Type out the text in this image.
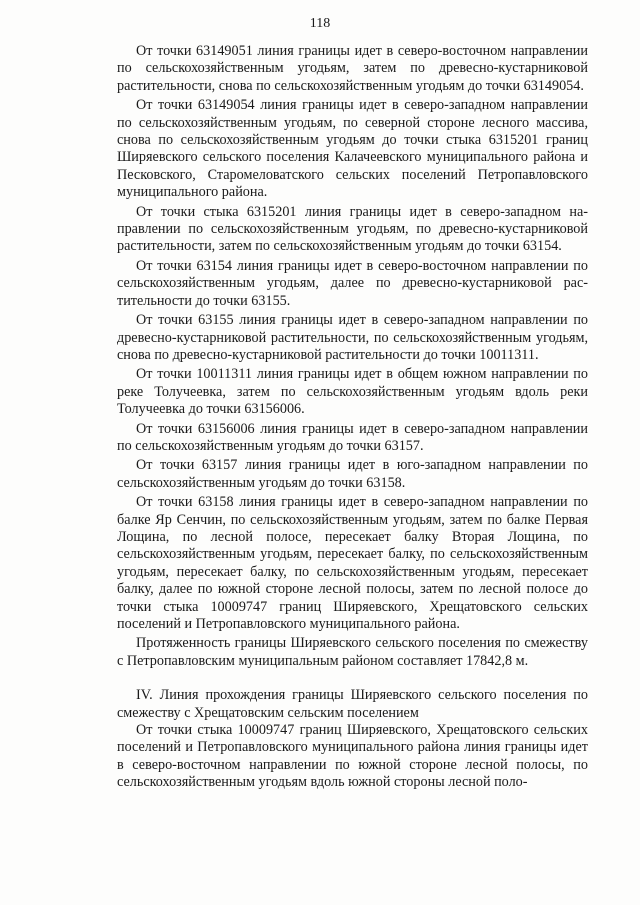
118

От точки 63149051 линия границы идет в северо-восточном направлении по сельскохозяйственным угодьям, затем по древесно-кустарниковой растительности, снова по сельскохозяйственным угодьям до точки 63149054.

От точки 63149054 линия границы идет в северо-западном направлении по сельскохозяйственным угодьям, по северной стороне лесного массива, снова по сельскохозяйственным угодьям до точки стыка 6315201 границ Ширяевского сельского поселения Калачеевского муниципального района и Песковского, Старомеловатского сельских поселений Петропавловского муниципального района.

От точки стыка 6315201 линия границы идет в северо-западном направлении по сельскохозяйственным угодьям, по древесно-кустарниковой растительности, затем по сельскохозяйственным угодьям до точки 63154.

От точки 63154 линия границы идет в северо-восточном направлении по сельскохозяйственным угодьям, далее по древесно-кустарниковой растительности до точки 63155.

От точки 63155 линия границы идет в северо-западном направлении по древесно-кустарниковой растительности, по сельскохозяйственным угодьям, снова по древесно-кустарниковой растительности до точки 10011311.

От точки 10011311 линия границы идет в общем южном направлении по реке Толучеевка, затем по сельскохозяйственным угодьям вдоль реки Толучеевка до точки 63156006.

От точки 63156006 линия границы идет в северо-западном направлении по сельскохозяйственным угодьям до точки 63157.

От точки 63157 линия границы идет в юго-западном направлении по сельскохозяйственным угодьям до точки 63158.

От точки 63158 линия границы идет в северо-западном направлении по балке Яр Сенчин, по сельскохозяйственным угодьям, затем по балке Первая Лощина, по лесной полосе, пересекает балку Вторая Лощина, по сельскохозяйственным угодьям, пересекает балку, по сельскохозяйственным угодьям, пересекает балку, по сельскохозяйственным угодьям, пересекает балку, далее по южной стороне лесной полосы, затем по лесной полосе до точки стыка 10009747 границ Ширяевского, Хрещатовского сельских поселений и Петропавловского муниципального района.

Протяженность границы Ширяевского сельского поселения по смежеству с Петропавловским муниципальным районом составляет 17842,8 м.

IV. Линия прохождения границы Ширяевского сельского поселения по смежеству с Хрещатовским сельским поселением

От точки стыка 10009747 границ Ширяевского, Хрещатовского сельских поселений и Петропавловского муниципального района линия границы идет в северо-восточном направлении по южной стороне лесной полосы, по сельскохозяйственным угодьям вдоль южной стороны лесной поло-
